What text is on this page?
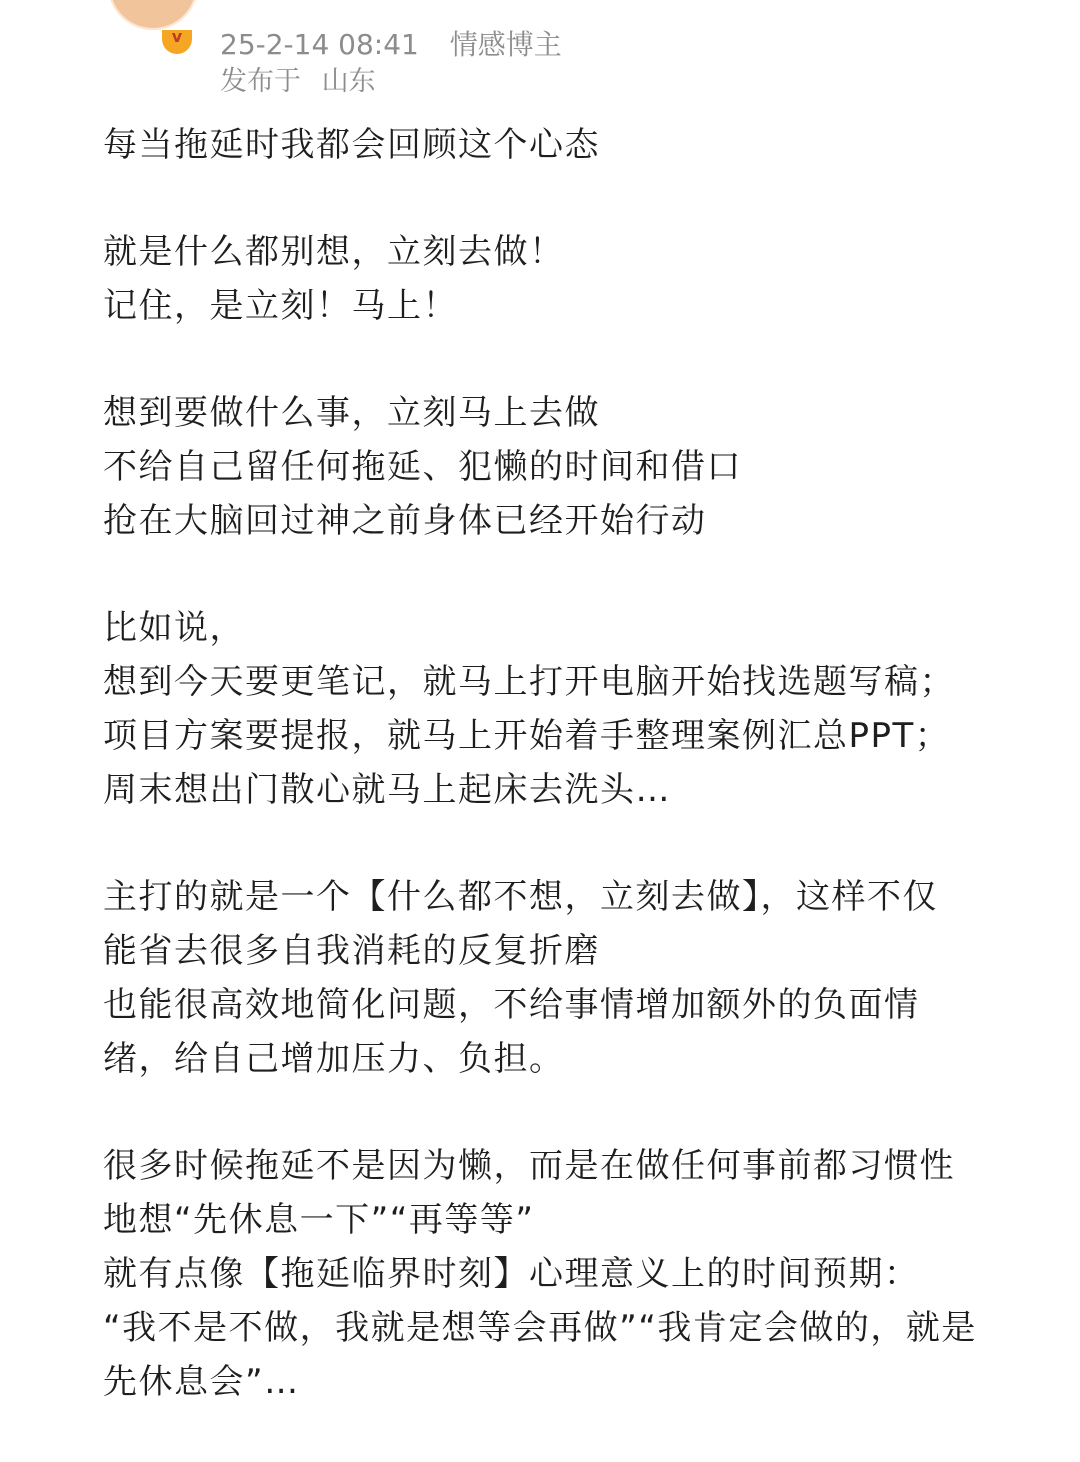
v	25-2-14 08:41 情感博主
发布于 山东
每当拖延时我都会回顾这个心态
就是什么都别想，立刻去做！
记住，是立刻！马上！
想到要做什么事，立刻马上去做
不给自己留任何拖延、犯懒的时间和借口
抢在大脑回过神之前身体已经开始行动
比如说，
想到今天要更笔记，就马上打开电脑开始找选题写稿；
项目方案要提报，就马上开始着手整理案例汇总PPT；
周末想出门散心就马上起床去洗头…
主打的就是一个【什么都不想，立刻去做】，这样不仅
能省去很多自我消耗的反复折磨
也能很高效地简化问题，不给事情增加额外的负面情
绪，给自己增加压力、负担。
很多时候拖延不是因为懒，而是在做任何事前都习惯性
地想“先休息一下”“再等等”
就有点像【拖延临界时刻】心理意义上的时间预期：
“我不是不做，我就是想等会再做”“我肯定会做的，就是
先休息会”…
